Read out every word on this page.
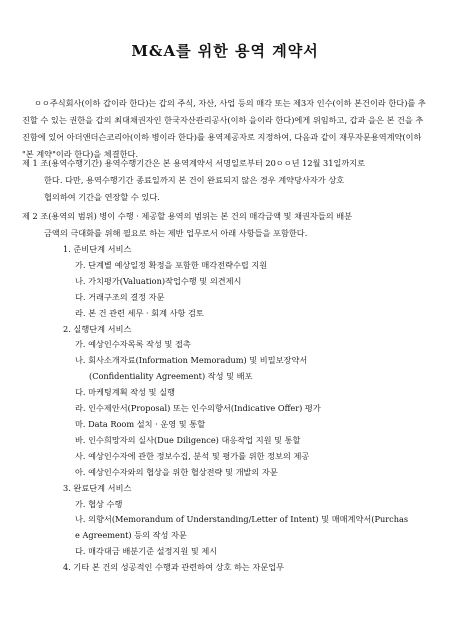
M&A를 위한 용역 계약서
ㅇㅇ주식회사(이하 갑이라 한다)는 갑의 주식, 자산, 사업 등의 매각 또는 제3자 인수(이하 본건이라 한다)를 추진할 수 있는 권한을 갑의 최대채권자인 한국자산관리공사(이하 을이라 한다)에게 위임하고, 갑과 을은 본 건을 추진함에 있어 아더앤더슨코리아(이하 병이라 한다)를 용역제공자로 지정하여, 다음과 같이 재무자문용역계약(이하 "본 계약"이라 한다)을 체결한다.
제 1 조(용역수행기간) 용역수행기간은 본 용역계약서 서명일로부터 20ㅇㅇ년 12월 31일까지로
한다. 다만, 용역수행기간 종료일까지 본 건이 완료되지 않은 경우 계약당사자가 상호
협의하여 기간을 연장할 수 있다.
제 2 조(용역의 범위) 병이 수행 · 제공할 용역의 범위는 본 건의 매각금액 및 채권자들의 배분
금액의 극대화를 위해 필요로 하는 제반 업무로서 아래 사항들을 포함한다.
1. 준비단계 서비스
가. 단계별 예상일정 확정을 포함한 매각전략수립 지원
나. 가치평가(Valuation)작업수행 및 의견제시
다. 거래구조의 결정 자문
라. 본 건 관련 세무 · 회계 사항 검토
2. 실행단계 서비스
가. 예상인수자목록 작성 및 접촉
나. 회사소개자료(Information Memoradum) 및 비밀보장약서
(Confidentiality Agreement) 작성 및 배포
다. 마케팅계획 작성 및 실행
라. 인수제안서(Proposal) 또는 인수의향서(Indicative Offer) 평가
마. Data Room 설치 · 운영 및 통할
바. 인수희망자의 실사(Due Diligence) 대응작업 지원 및 통할
사. 예상인수자에 관한 정보수집, 분석 및 평가를 위한 정보의 제공
아. 예상인수자와의 협상을 위한 협상전략 및 개발의 자문
3. 완료단계 서비스
가. 협상 수행
나. 의향서(Memorandum of Understanding/Letter of Intent) 및 매매계약서(Purchas
e Agreement) 등의 작성 자문
다. 매각대금 배분기준 설정지원 및 제시
4. 기타 본 건의 성공적인 수행과 관련하여 상호 하는 자문업무
